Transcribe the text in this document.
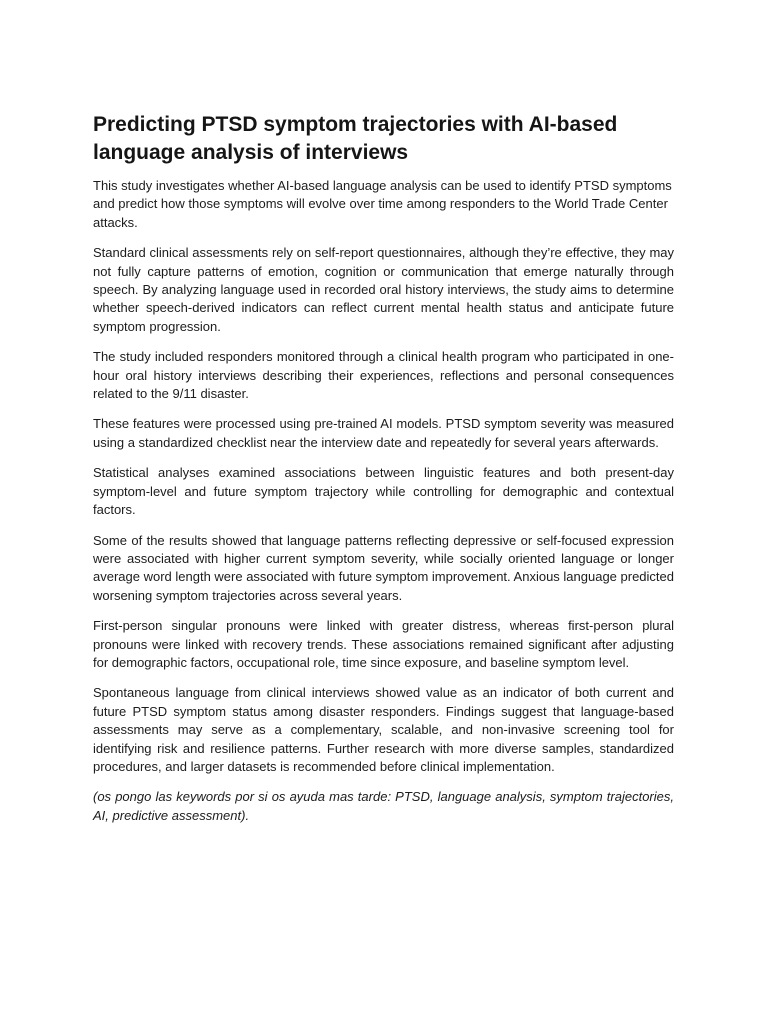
Predicting PTSD symptom trajectories with AI-based language analysis of interviews

This study investigates whether AI-based language analysis can be used to identify PTSD symptoms and predict how those symptoms will evolve over time among responders to the World Trade Center attacks.

Standard clinical assessments rely on self-report questionnaires, although they’re effective, they may not fully capture patterns of emotion, cognition or communication that emerge naturally through speech. By analyzing language used in recorded oral history interviews, the study aims to determine whether speech-derived indicators can reflect current mental health status and anticipate future symptom progression.

The study included responders monitored through a clinical health program who participated in one-hour oral history interviews describing their experiences, reflections and personal consequences related to the 9/11 disaster.

These features were processed using pre-trained AI models. PTSD symptom severity was measured using a standardized checklist near the interview date and repeatedly for several years afterwards.

Statistical analyses examined associations between linguistic features and both present-day symptom-level and future symptom trajectory while controlling for demographic and contextual factors.

Some of the results showed that language patterns reflecting depressive or self-focused expression were associated with higher current symptom severity, while socially oriented language or longer average word length were associated with future symptom improvement. Anxious language predicted worsening symptom trajectories across several years.

First-person singular pronouns were linked with greater distress, whereas first-person plural pronouns were linked with recovery trends. These associations remained significant after adjusting for demographic factors, occupational role, time since exposure, and baseline symptom level.

Spontaneous language from clinical interviews showed value as an indicator of both current and future PTSD symptom status among disaster responders. Findings suggest that language-based assessments may serve as a complementary, scalable, and non-invasive screening tool for identifying risk and resilience patterns. Further research with more diverse samples, standardized procedures, and larger datasets is recommended before clinical implementation.

(os pongo las keywords por si os ayuda mas tarde: PTSD, language analysis, symptom trajectories, AI, predictive assessment).
